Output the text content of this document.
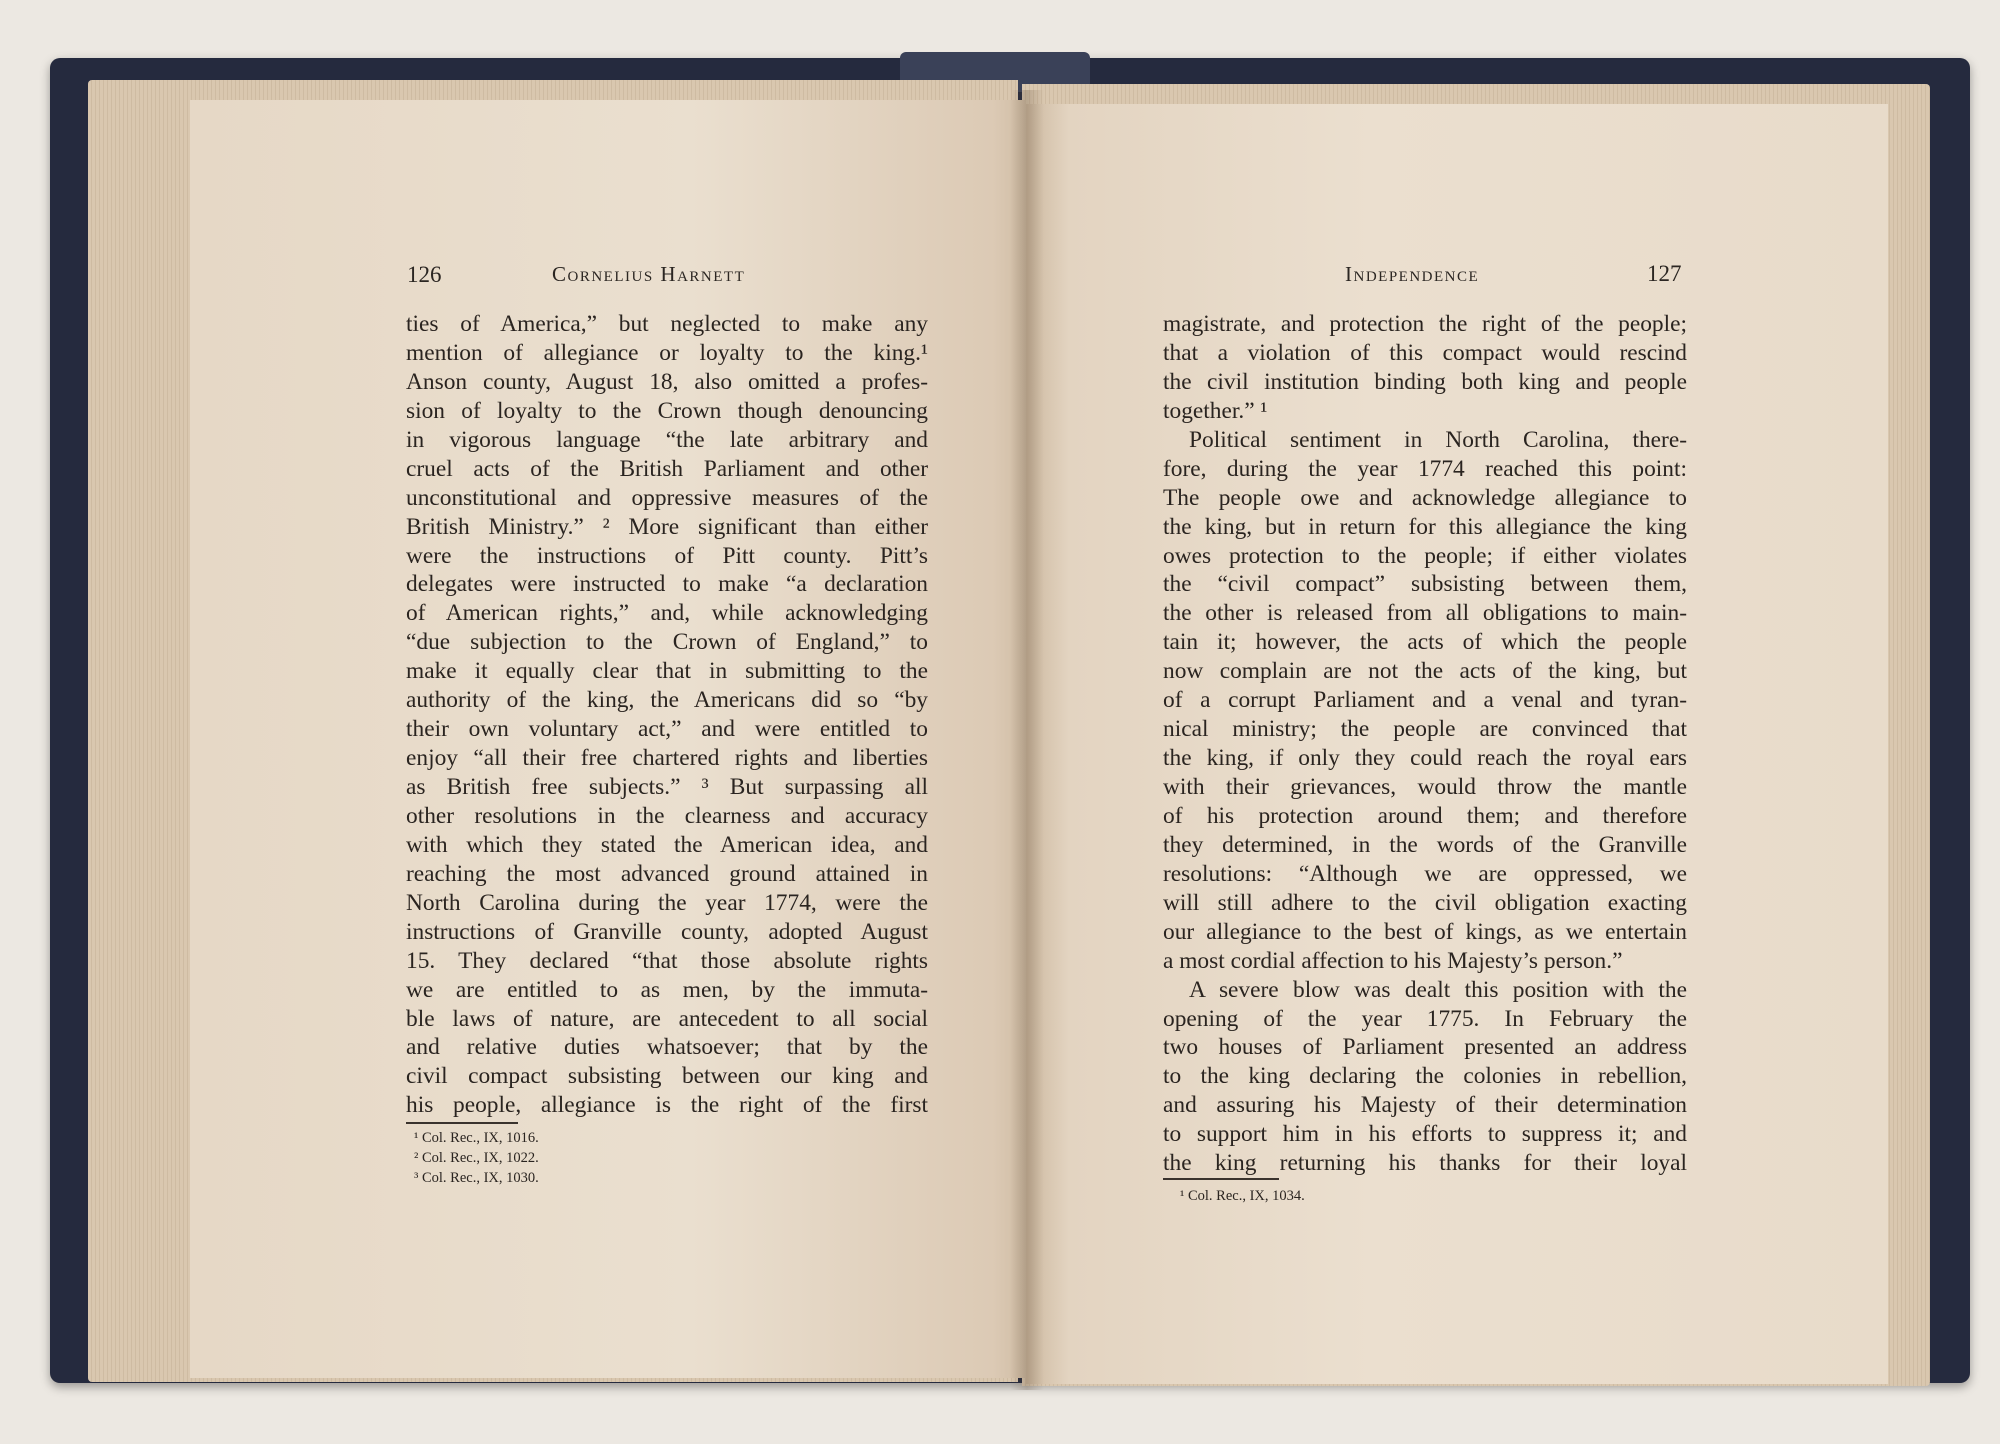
126	Cornelius Harnett	Independence	127
ties of America,” but neglected to make any
mention of allegiance or loyalty to the king.¹
Anson county, August 18, also omitted a profes-
sion of loyalty to the Crown though denouncing
in vigorous language “the late arbitrary and
cruel acts of the British Parliament and other
unconstitutional and oppressive measures of the
British Ministry.” ² More significant than either
were the instructions of Pitt county. Pitt’s
delegates were instructed to make “a declaration
of American rights,” and, while acknowledging
“due subjection to the Crown of England,” to
make it equally clear that in submitting to the
authority of the king, the Americans did so “by
their own voluntary act,” and were entitled to
enjoy “all their free chartered rights and liberties
as British free subjects.” ³ But surpassing all
other resolutions in the clearness and accuracy
with which they stated the American idea, and
reaching the most advanced ground attained in
North Carolina during the year 1774, were the
instructions of Granville county, adopted August
15. They declared “that those absolute rights
we are entitled to as men, by the immuta-
ble laws of nature, are antecedent to all social
and relative duties whatsoever; that by the
civil compact subsisting between our king and
his people, allegiance is the right of the first
¹ Col. Rec., IX, 1016.
² Col. Rec., IX, 1022.
³ Col. Rec., IX, 1030.
magistrate, and protection the right of the people;
that a violation of this compact would rescind
the civil institution binding both king and people
together.” ¹
Political sentiment in North Carolina, there-
fore, during the year 1774 reached this point:
The people owe and acknowledge allegiance to
the king, but in return for this allegiance the king
owes protection to the people; if either violates
the “civil compact” subsisting between them,
the other is released from all obligations to main-
tain it; however, the acts of which the people
now complain are not the acts of the king, but
of a corrupt Parliament and a venal and tyran-
nical ministry; the people are convinced that
the king, if only they could reach the royal ears
with their grievances, would throw the mantle
of his protection around them; and therefore
they determined, in the words of the Granville
resolutions: “Although we are oppressed, we
will still adhere to the civil obligation exacting
our allegiance to the best of kings, as we entertain
a most cordial affection to his Majesty’s person.”
A severe blow was dealt this position with the
opening of the year 1775. In February the
two houses of Parliament presented an address
to the king declaring the colonies in rebellion,
and assuring his Majesty of their determination
to support him in his efforts to suppress it; and
the king returning his thanks for their loyal
¹ Col. Rec., IX, 1034.
